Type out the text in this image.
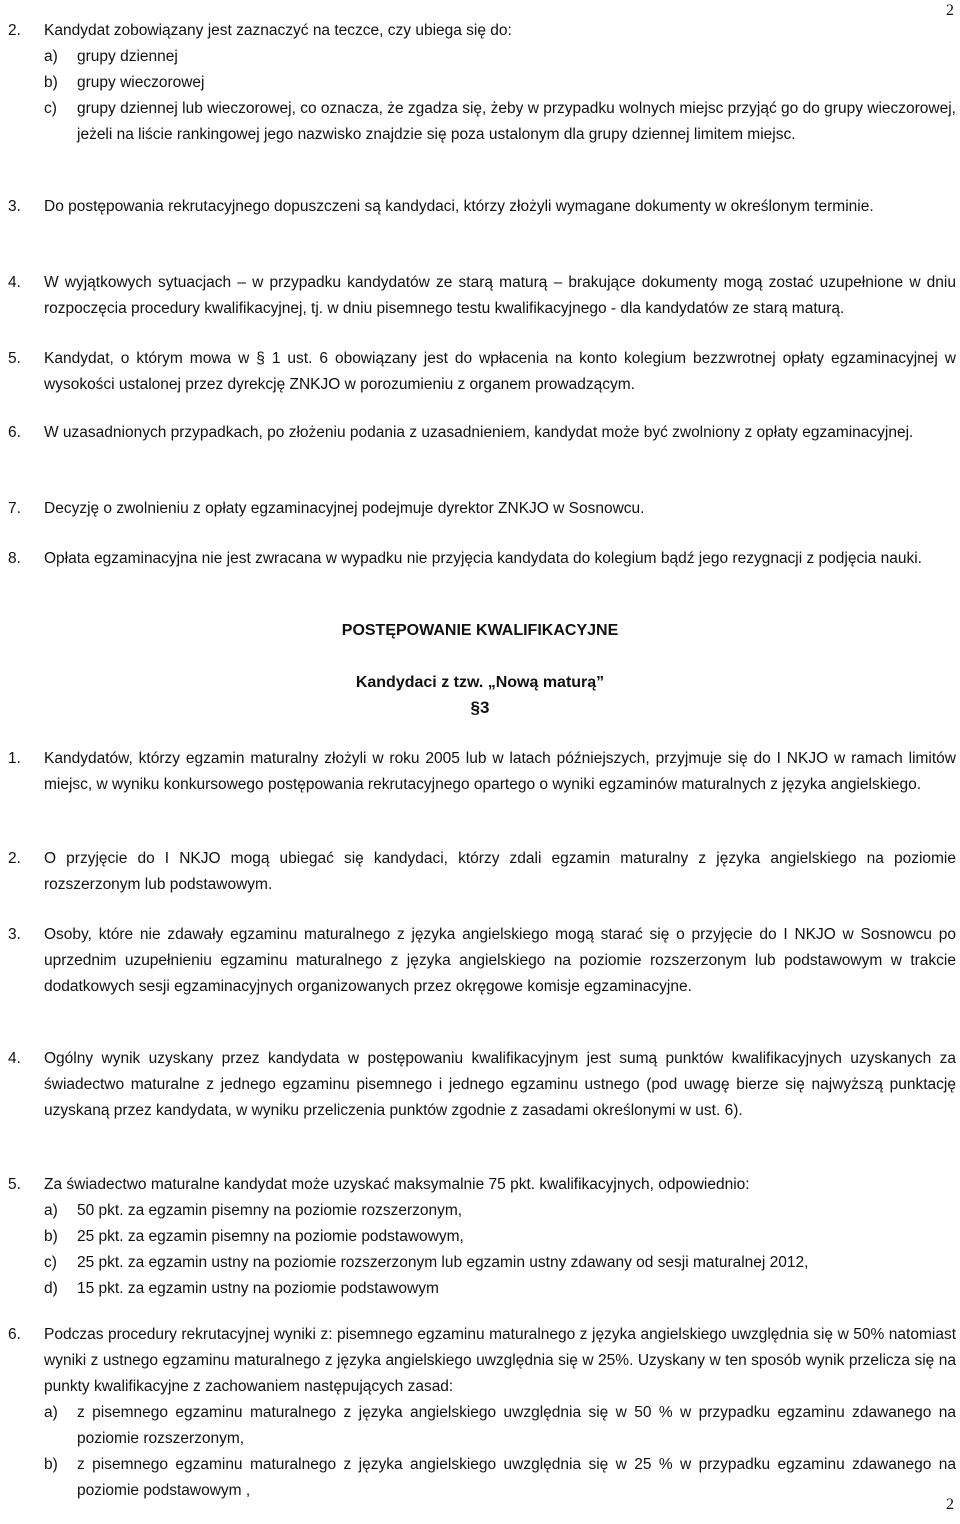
2
2. Kandydat zobowiązany jest zaznaczyć na teczce, czy ubiega się do:
a)	grupy dziennej
b)	grupy wieczorowej
c)	grupy dziennej lub wieczorowej, co oznacza, że zgadza się, żeby w przypadku wolnych miejsc przyjąć go do grupy wieczorowej, jeżeli na liście rankingowej jego nazwisko znajdzie się poza ustalonym dla grupy dziennej limitem miejsc.
3. Do postępowania rekrutacyjnego dopuszczeni są kandydaci, którzy złożyli wymagane dokumenty w określonym terminie.
4. W wyjątkowych sytuacjach – w przypadku kandydatów ze starą maturą – brakujące dokumenty mogą zostać uzupełnione w dniu rozpoczęcia procedury kwalifikacyjnej, tj. w dniu pisemnego testu kwalifikacyjnego - dla kandydatów ze starą maturą.
5. Kandydat, o którym mowa w § 1 ust. 6 obowiązany jest do wpłacenia na konto kolegium bezzwrotnej opłaty egzaminacyjnej w wysokości ustalonej przez dyrekcję ZNKJO w porozumieniu z organem prowadzącym.
6. W uzasadnionych przypadkach, po złożeniu podania z uzasadnieniem, kandydat może być zwolniony z opłaty egzaminacyjnej.
7. Decyzję o zwolnieniu z opłaty egzaminacyjnej podejmuje dyrektor ZNKJO w Sosnowcu.
8. Opłata egzaminacyjna nie jest zwracana w wypadku nie przyjęcia kandydata do kolegium bądź jego rezygnacji z podjęcia nauki.
POSTĘPOWANIE KWALIFIKACYJNE
Kandydaci z tzw. „Nową maturą”
§3
1. Kandydatów, którzy egzamin maturalny złożyli w roku 2005 lub w latach późniejszych, przyjmuje się do I NKJO w ramach limitów miejsc, w wyniku konkursowego postępowania rekrutacyjnego opartego o wyniki egzaminów maturalnych z języka angielskiego.
2. O przyjęcie do I NKJO mogą ubiegać się kandydaci, którzy zdali egzamin maturalny z języka angielskiego na poziomie rozszerzonym lub podstawowym.
3. Osoby, które nie zdawały egzaminu maturalnego z języka angielskiego mogą starać się o przyjęcie do I NKJO w Sosnowcu po uprzednim uzupełnieniu egzaminu maturalnego z języka angielskiego na poziomie rozszerzonym lub podstawowym w trakcie dodatkowych sesji egzaminacyjnych organizowanych przez okręgowe komisje egzaminacyjne.
4. Ogólny wynik uzyskany przez kandydata w postępowaniu kwalifikacyjnym jest sumą punktów kwalifikacyjnych uzyskanych za świadectwo maturalne z jednego egzaminu pisemnego i jednego egzaminu ustnego (pod uwagę bierze się najwyższą punktację uzyskaną przez kandydata, w wyniku przeliczenia punktów zgodnie z zasadami określonymi w ust. 6).
5. Za świadectwo maturalne kandydat może uzyskać maksymalnie 75 pkt. kwalifikacyjnych, odpowiednio:
a)	50 pkt. za egzamin pisemny na poziomie rozszerzonym,
b)	25 pkt. za egzamin pisemny na poziomie podstawowym,
c)	25 pkt. za egzamin ustny na poziomie rozszerzonym lub egzamin ustny zdawany od sesji maturalnej 2012,
d)	15 pkt. za egzamin ustny na poziomie podstawowym
6. Podczas procedury rekrutacyjnej wyniki z: pisemnego egzaminu maturalnego z języka angielskiego uwzględnia się w 50% natomiast wyniki z ustnego egzaminu maturalnego z języka angielskiego uwzględnia się w 25%. Uzyskany w ten sposób wynik przelicza się na punkty kwalifikacyjne z zachowaniem następujących zasad:
a)	z pisemnego egzaminu maturalnego z języka angielskiego uwzględnia się w 50 % w przypadku egzaminu zdawanego na poziomie rozszerzonym,
b)	z pisemnego egzaminu maturalnego z języka angielskiego uwzględnia się w 25 % w przypadku egzaminu zdawanego na poziomie podstawowym ,
2
